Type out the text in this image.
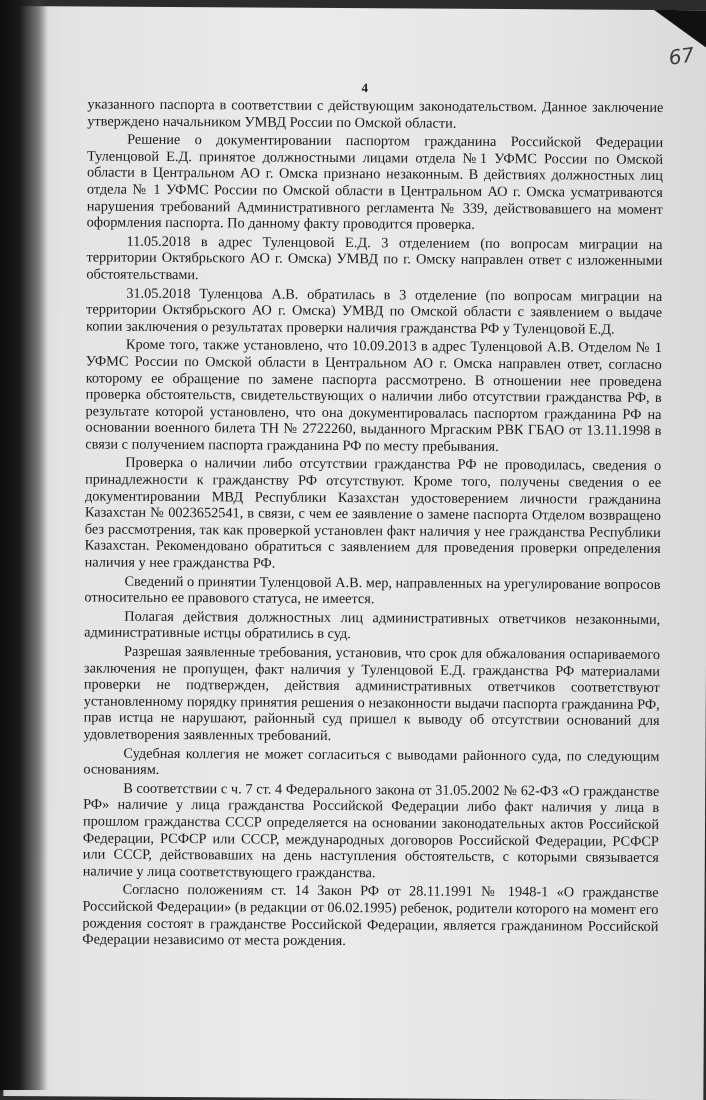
67
4

указанного паспорта в соответствии с действующим законодательством. Данное заключение утверждено начальником УМВД России по Омской области.

Решение о документировании паспортом гражданина Российской Федерации Туленцовой Е.Д. принятое должностными лицами отдела №1 УФМС России по Омской области в Центральном АО г. Омска признано незаконным. В действиях должностных лиц отдела № 1 УФМС России по Омской области в Центральном АО г. Омска усматриваются нарушения требований Административного регламента № 339, действовавшего на момент оформления паспорта. По данному факту проводится проверка.

11.05.2018 в адрес Туленцовой Е.Д. 3 отделением (по вопросам миграции на территории Октябрьского АО г. Омска) УМВД по г. Омску направлен ответ с изложенными обстоятельствами.

31.05.2018 Туленцова А.В. обратилась в 3 отделение (по вопросам миграции на территории Октябрьского АО г. Омска) УМВД по Омской области с заявлением о выдаче копии заключения о результатах проверки наличия гражданства РФ у Туленцовой Е.Д.

Кроме того, также установлено, что 10.09.2013 в адрес Туленцовой А.В. Отделом № 1 УФМС России по Омской области в Центральном АО г. Омска направлен ответ, согласно которому ее обращение по замене паспорта рассмотрено. В отношении нее проведена проверка обстоятельств, свидетельствующих о наличии либо отсутствии гражданства РФ, в результате которой установлено, что она документировалась паспортом гражданина РФ на основании военного билета ТН № 2722260, выданного Мргаским РВК ГБАО от 13.11.1998 в связи с получением паспорта гражданина РФ по месту пребывания.

Проверка о наличии либо отсутствии гражданства РФ не проводилась, сведения о принадлежности к гражданству РФ отсутствуют. Кроме того, получены сведения о ее документировании МВД Республики Казахстан удостоверением личности гражданина Казахстан № 0023652541, в связи, с чем ее заявление о замене паспорта Отделом возвращено без рассмотрения, так как проверкой установлен факт наличия у нее гражданства Республики Казахстан. Рекомендовано обратиться с заявлением для проведения проверки определения наличия у нее гражданства РФ.

Сведений о принятии Туленцовой А.В. мер, направленных на урегулирование вопросов относительно ее правового статуса, не имеется.

Полагая действия должностных лиц административных ответчиков незаконными, административные истцы обратились в суд.

Разрешая заявленные требования, установив, что срок для обжалования оспариваемого заключения не пропущен, факт наличия у Туленцовой Е.Д. гражданства РФ материалами проверки не подтвержден, действия административных ответчиков соответствуют установленному порядку принятия решения о незаконности выдачи паспорта гражданина РФ, прав истца не нарушают, районный суд пришел к выводу об отсутствии оснований для удовлетворения заявленных требований.

Судебная коллегия не может согласиться с выводами районного суда, по следующим основаниям.

В соответствии с ч. 7 ст. 4 Федерального закона от 31.05.2002 № 62-ФЗ «О гражданстве РФ» наличие у лица гражданства Российской Федерации либо факт наличия у лица в прошлом гражданства СССР определяется на основании законодательных актов Российской Федерации, РСФСР или СССР, международных договоров Российской Федерации, РСФСР или СССР, действовавших на день наступления обстоятельств, с которыми связывается наличие у лица соответствующего гражданства.

Согласно положениям ст. 14 Закон РФ от 28.11.1991 № 1948-1 «О гражданстве Российской Федерации» (в редакции от 06.02.1995) ребенок, родители которого на момент его рождения состоят в гражданстве Российской Федерации, является гражданином Российской Федерации независимо от места рождения.
